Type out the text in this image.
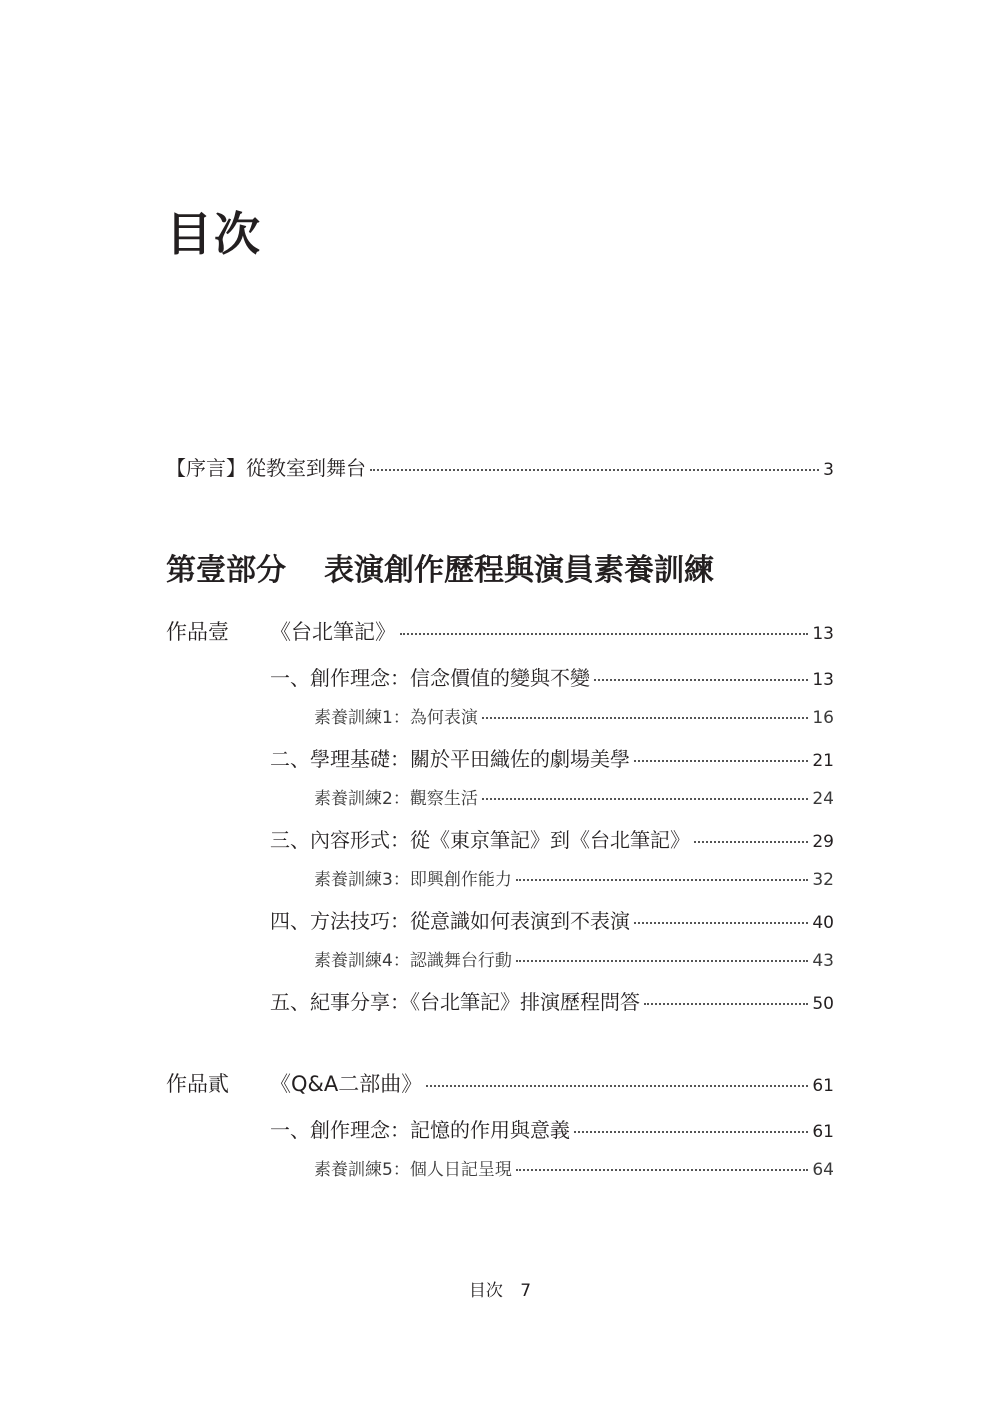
目次
【序言】從教室到舞台	3
第壹部分 表演創作歷程與演員素養訓練
作品壹 《台北筆記》	13
一、創作理念：信念價值的變與不變	13
素養訓練1：為何表演	16
二、學理基礎：關於平田織佐的劇場美學	21
素養訓練2：觀察生活	24
三、內容形式：從《東京筆記》到《台北筆記》	29
素養訓練3：即興創作能力	32
四、方法技巧：從意識如何表演到不表演	40
素養訓練4：認識舞台行動	43
五、紀事分享：《台北筆記》排演歷程問答	50
作品貳 《Q&A二部曲》	61
一、創作理念：記憶的作用與意義	61
素養訓練5：個人日記呈現	64
目次 7
